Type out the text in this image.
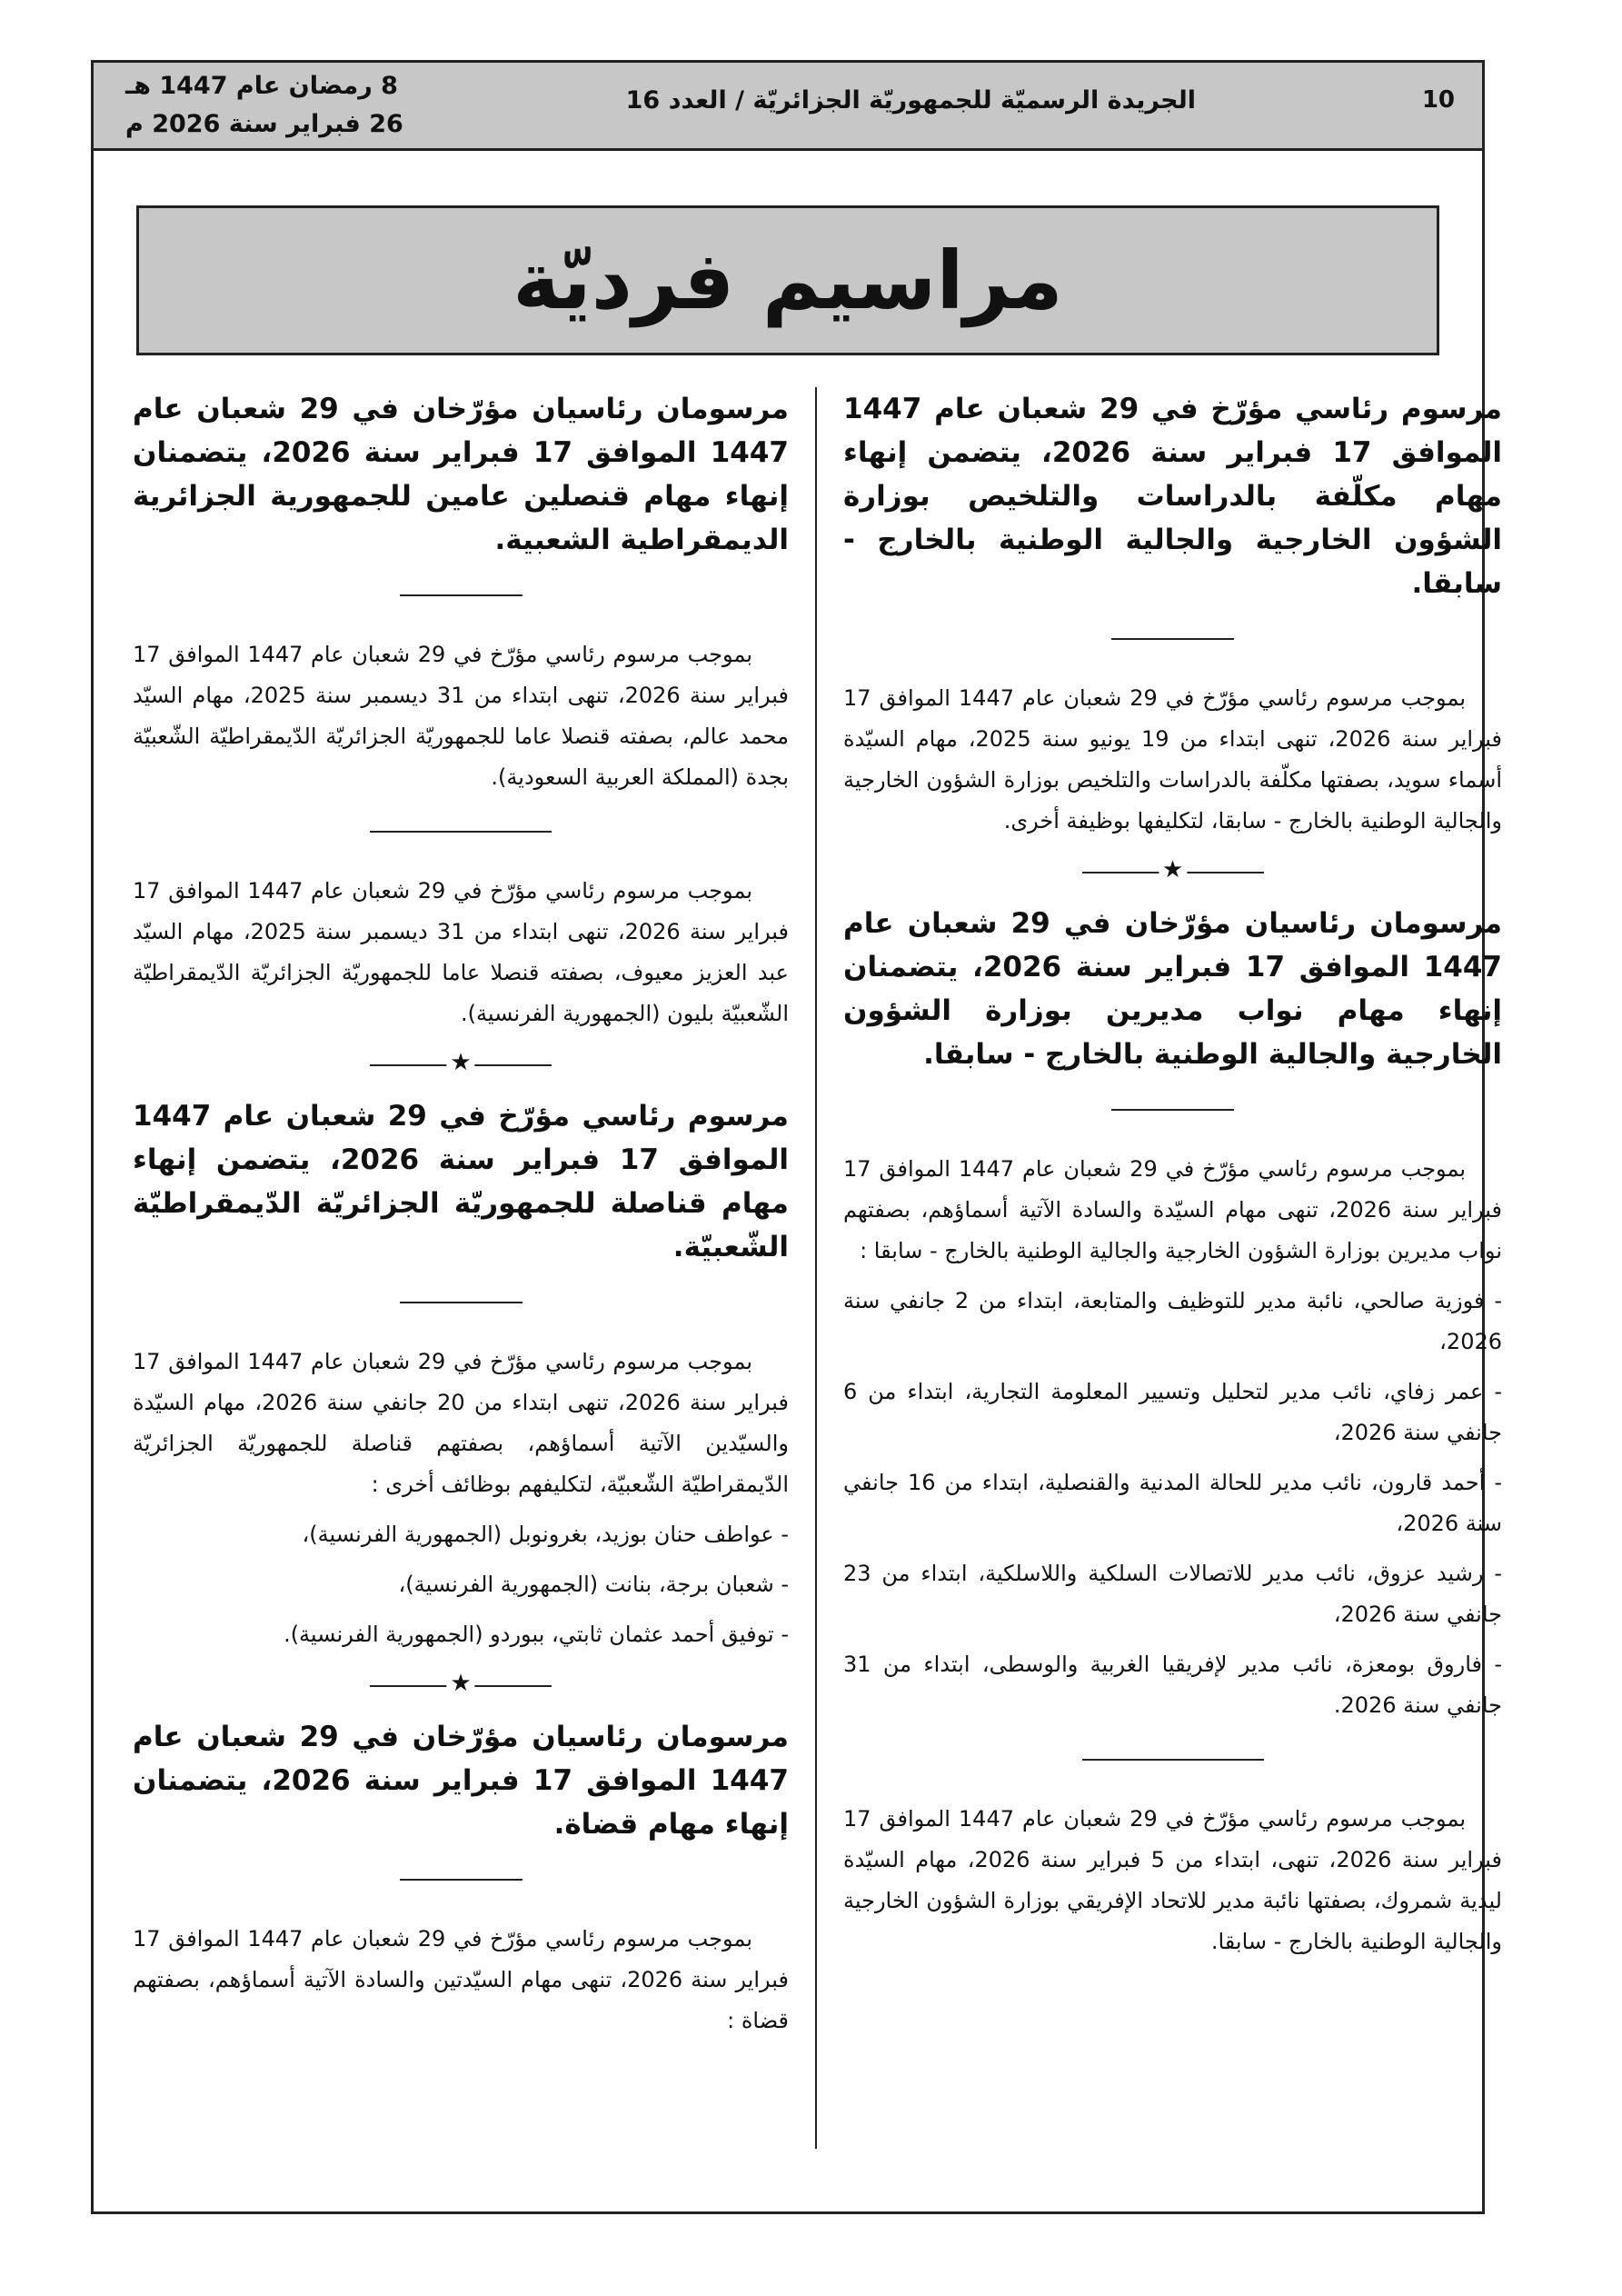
10
الجريدة الرسميّة للجمهوريّة الجزائريّة / العدد 16
8 رمضان عام 1447 هـ
26 فبراير سنة 2026 م
مراسيم فرديّة

مرسوم رئاسي مؤرّخ في 29 شعبان عام 1447 الموافق 17 فبراير سنة 2026، يتضمن إنهاء مهام مكلّفة بالدراسات والتلخيص بوزارة الشؤون الخارجية والجالية الوطنية بالخارج - سابقا.

بموجب مرسوم رئاسي مؤرّخ في 29 شعبان عام 1447 الموافق 17 فبراير سنة 2026، تنهى ابتداء من 19 يونيو سنة 2025، مهام السيّدة أسماء سويد، بصفتها مكلّفة بالدراسات والتلخيص بوزارة الشؤون الخارجية والجالية الوطنية بالخارج - سابقا، لتكليفها بوظيفة أخرى.

★

مرسومان رئاسيان مؤرّخان في 29 شعبان عام 1447 الموافق 17 فبراير سنة 2026، يتضمنان إنهاء مهام نواب مديرين بوزارة الشؤون الخارجية والجالية الوطنية بالخارج - سابقا.

بموجب مرسوم رئاسي مؤرّخ في 29 شعبان عام 1447 الموافق 17 فبراير سنة 2026، تنهى مهام السيّدة والسادة الآتية أسماؤهم، بصفتهم نواب مديرين بوزارة الشؤون الخارجية والجالية الوطنية بالخارج - سابقا :

- فوزية صالحي، نائبة مدير للتوظيف والمتابعة، ابتداء من 2 جانفي سنة 2026،

- عمر زفاي، نائب مدير لتحليل وتسيير المعلومة التجارية، ابتداء من 6 جانفي سنة 2026،

- أحمد قارون، نائب مدير للحالة المدنية والقنصلية، ابتداء من 16 جانفي سنة 2026،

- رشيد عزوق، نائب مدير للاتصالات السلكية واللاسلكية، ابتداء من 23 جانفي سنة 2026،

- فاروق بومعزة، نائب مدير لإفريقيا الغربية والوسطى، ابتداء من 31 جانفي سنة 2026.

بموجب مرسوم رئاسي مؤرّخ في 29 شعبان عام 1447 الموافق 17 فبراير سنة 2026، تنهى، ابتداء من 5 فبراير سنة 2026، مهام السيّدة ليدية شمروك، بصفتها نائبة مدير للاتحاد الإفريقي بوزارة الشؤون الخارجية والجالية الوطنية بالخارج - سابقا.

مرسومان رئاسيان مؤرّخان في 29 شعبان عام 1447 الموافق 17 فبراير سنة 2026، يتضمنان إنهاء مهام قنصلين عامين للجمهورية الجزائرية الديمقراطية الشعبية.

بموجب مرسوم رئاسي مؤرّخ في 29 شعبان عام 1447 الموافق 17 فبراير سنة 2026، تنهى ابتداء من 31 ديسمبر سنة 2025، مهام السيّد محمد عالم، بصفته قنصلا عاما للجمهوريّة الجزائريّة الدّيمقراطيّة الشّعبيّة بجدة (المملكة العربية السعودية).

بموجب مرسوم رئاسي مؤرّخ في 29 شعبان عام 1447 الموافق 17 فبراير سنة 2026، تنهى ابتداء من 31 ديسمبر سنة 2025، مهام السيّد عبد العزيز معيوف، بصفته قنصلا عاما للجمهوريّة الجزائريّة الدّيمقراطيّة الشّعبيّة بليون (الجمهورية الفرنسية).

★

مرسوم رئاسي مؤرّخ في 29 شعبان عام 1447 الموافق 17 فبراير سنة 2026، يتضمن إنهاء مهام قناصلة للجمهوريّة الجزائريّة الدّيمقراطيّة الشّعبيّة.

بموجب مرسوم رئاسي مؤرّخ في 29 شعبان عام 1447 الموافق 17 فبراير سنة 2026، تنهى ابتداء من 20 جانفي سنة 2026، مهام السيّدة والسيّدين الآتية أسماؤهم، بصفتهم قناصلة للجمهوريّة الجزائريّة الدّيمقراطيّة الشّعبيّة، لتكليفهم بوظائف أخرى :

- عواطف حنان بوزيد، بغرونوبل (الجمهورية الفرنسية)،

- شعبان برجة، بنانت (الجمهورية الفرنسية)،

- توفيق أحمد عثمان ثابتي، ببوردو (الجمهورية الفرنسية).

★

مرسومان رئاسيان مؤرّخان في 29 شعبان عام 1447 الموافق 17 فبراير سنة 2026، يتضمنان إنهاء مهام قضاة.

بموجب مرسوم رئاسي مؤرّخ في 29 شعبان عام 1447 الموافق 17 فبراير سنة 2026، تنهى مهام السيّدتين والسادة الآتية أسماؤهم، بصفتهم قضاة :
